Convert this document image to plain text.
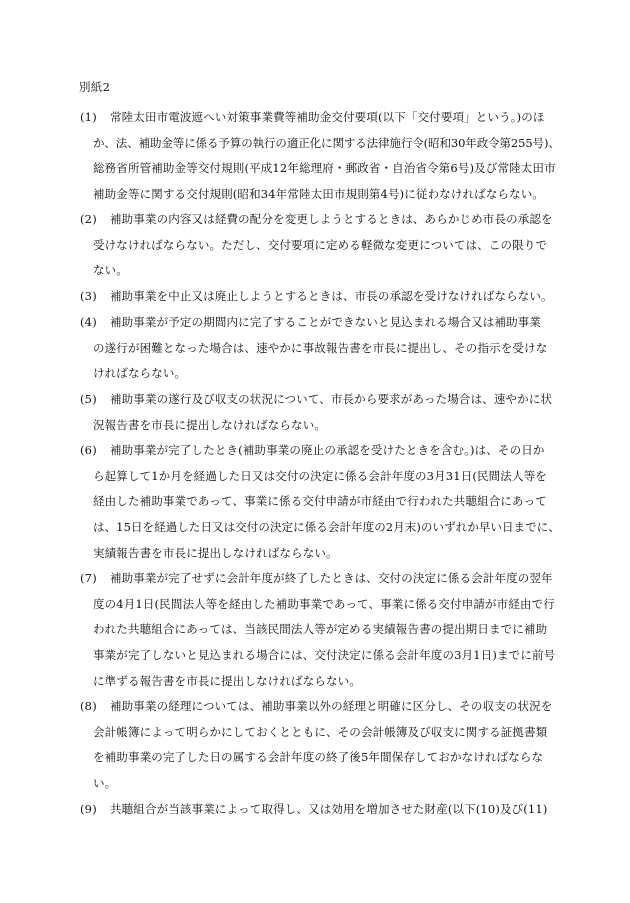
別紙2
(1) 常陸太田市電波遮へい対策事業費等補助金交付要項(以下「交付要項」という。)のほ
か、法、補助金等に係る予算の執行の適正化に関する法律施行令(昭和30年政令第255号)、
総務省所管補助金等交付規則(平成12年総理府・郵政省・自治省令第6号)及び常陸太田市
補助金等に関する交付規則(昭和34年常陸太田市規則第4号)に従わなければならない。
(2) 補助事業の内容又は経費の配分を変更しようとするときは、あらかじめ市長の承認を
受けなければならない。ただし、交付要項に定める軽微な変更については、この限りで
ない。
(3) 補助事業を中止又は廃止しようとするときは、市長の承認を受けなければならない。
(4) 補助事業が予定の期間内に完了することができないと見込まれる場合又は補助事業
の遂行が困難となった場合は、速やかに事故報告書を市長に提出し、その指示を受けな
ければならない。
(5) 補助事業の遂行及び収支の状況について、市長から要求があった場合は、速やかに状
況報告書を市長に提出しなければならない。
(6) 補助事業が完了したとき(補助事業の廃止の承認を受けたときを含む。)は、その日か
ら起算して1か月を経過した日又は交付の決定に係る会計年度の3月31日(民間法人等を
経由した補助事業であって、事業に係る交付申請が市経由で行われた共聴組合にあって
は、15日を経過した日又は交付の決定に係る会計年度の2月末)のいずれか早い日までに、
実績報告書を市長に提出しなければならない。
(7) 補助事業が完了せずに会計年度が終了したときは、交付の決定に係る会計年度の翌年
度の4月1日(民間法人等を経由した補助事業であって、事業に係る交付申請が市経由で行
われた共聴組合にあっては、当該民間法人等が定める実績報告書の提出期日までに補助
事業が完了しないと見込まれる場合には、交付決定に係る会計年度の3月1日)までに前号
に準ずる報告書を市長に提出しなければならない。
(8) 補助事業の経理については、補助事業以外の経理と明確に区分し、その収支の状況を
会計帳簿によって明らかにしておくとともに、その会計帳簿及び収支に関する証拠書類
を補助事業の完了した日の属する会計年度の終了後5年間保存しておかなければならな
い。
(9) 共聴組合が当該事業によって取得し、又は効用を増加させた財産(以下(10)及び(11)
